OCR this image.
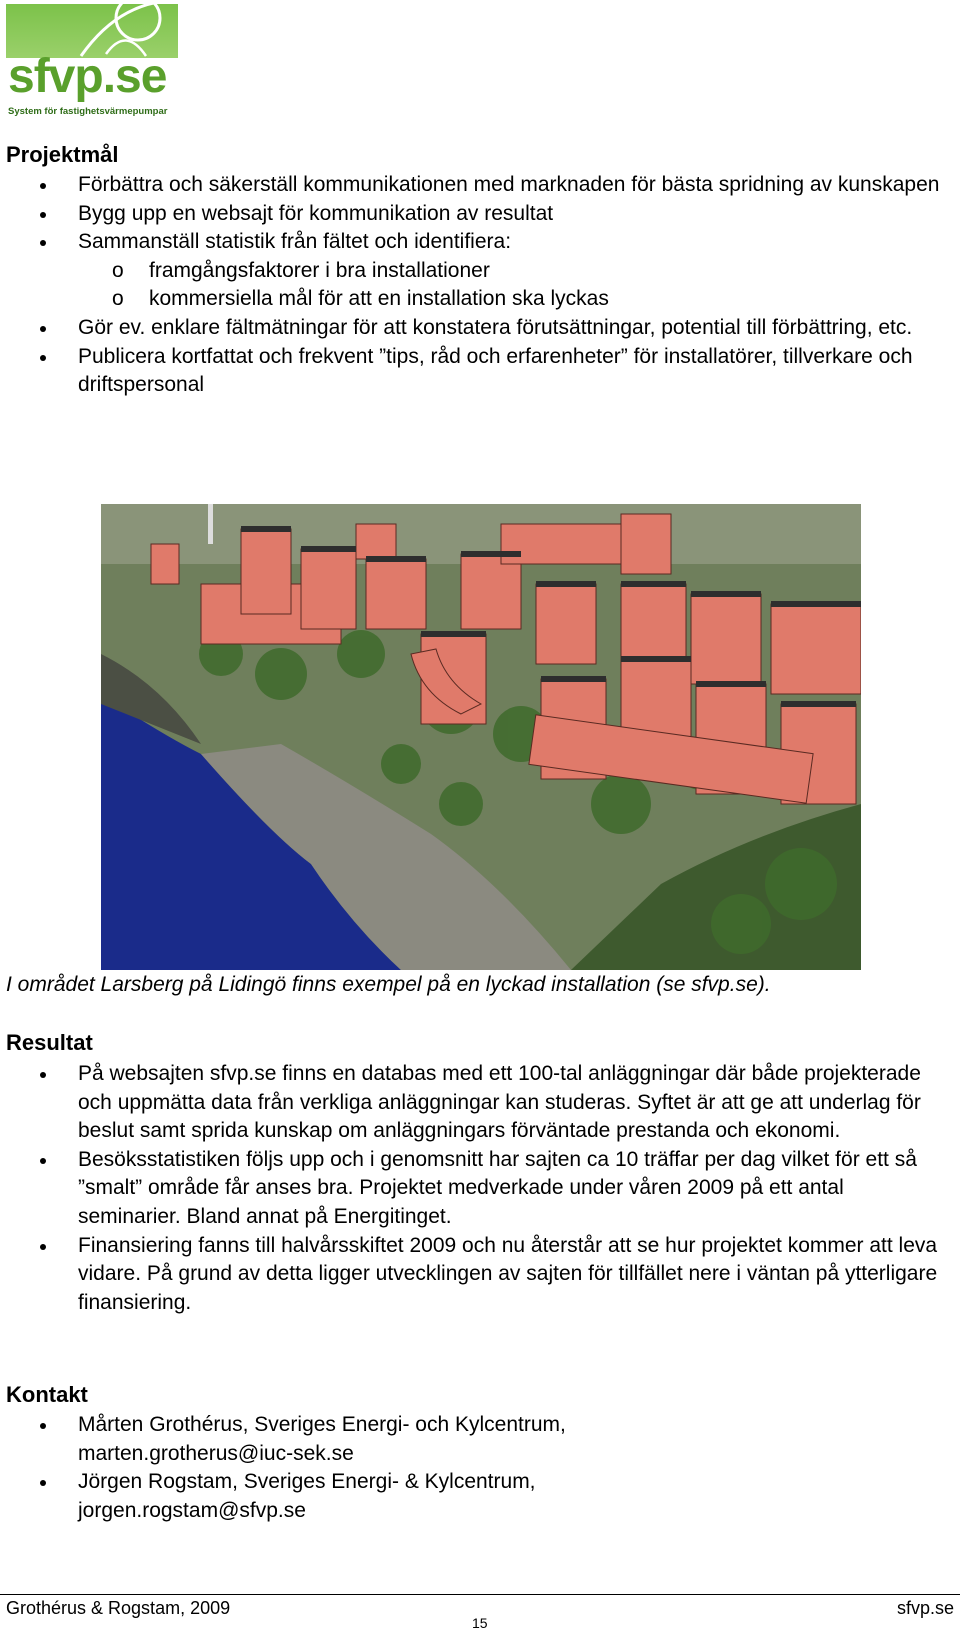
sfvp.se
System för fastighetsvärmepumpar
Projektmål
Förbättra och säkerställ kommunikationen med marknaden för bästa spridning av kunskapen
Bygg upp en websajt för kommunikation av resultat
Sammanställ statistik från fältet och identifiera:
o framgångsfaktorer i bra installationer
o kommersiella mål för att en installation ska lyckas
Gör ev. enklare fältmätningar för att konstatera förutsättningar, potential till förbättring, etc.
Publicera kortfattat och frekvent ”tips, råd och erfarenheter” för installatörer, tillverkare och driftspersonal
I området Larsberg på Lidingö finns exempel på en lyckad installation (se sfvp.se).
Resultat
På websajten sfvp.se finns en databas med ett 100-tal anläggningar där både projekterade och uppmätta data från verkliga anläggningar kan studeras. Syftet är att ge att underlag för beslut samt sprida kunskap om anläggningars förväntade prestanda och ekonomi.
Besöksstatistiken följs upp och i genomsnitt har sajten ca 10 träffar per dag vilket för ett så ”smalt” område får anses bra. Projektet medverkade under våren 2009 på ett antal seminarier. Bland annat på Energitinget.
Finansiering fanns till halvårsskiftet 2009 och nu återstår att se hur projektet kommer att leva vidare. På grund av detta ligger utvecklingen av sajten för tillfället nere i väntan på ytterligare finansiering.
Kontakt
Mårten Grothérus, Sveriges Energi- och Kylcentrum, marten.grotherus@iuc-sek.se
Jörgen Rogstam, Sveriges Energi- & Kylcentrum, jorgen.rogstam@sfvp.se
Grothérus & Rogstam, 2009	sfvp.se
15
